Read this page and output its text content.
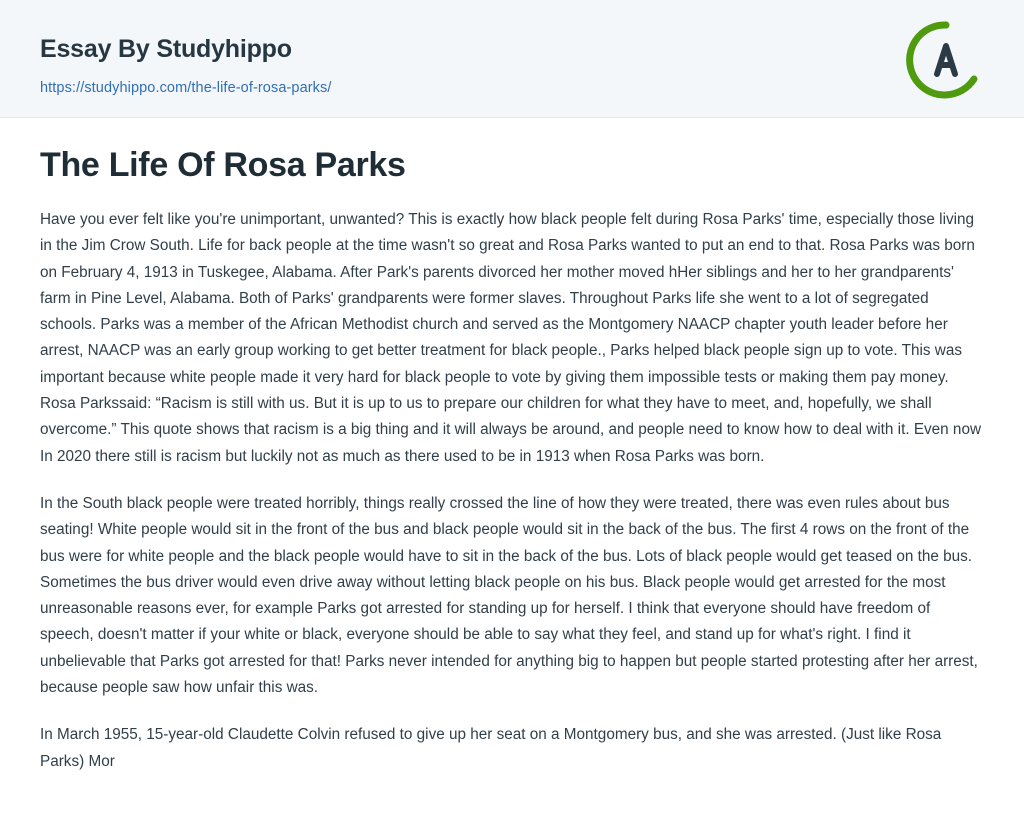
Essay By Studyhippo
https://studyhippo.com/the-life-of-rosa-parks/
The Life Of Rosa Parks

Have you ever felt like you're unimportant, unwanted? This is exactly how black people felt during Rosa Parks' time, especially those living in the Jim Crow South. Life for back people at the time wasn't so great and Rosa Parks wanted to put an end to that. Rosa Parks was born on February 4, 1913 in Tuskegee, Alabama. After Park's parents divorced her mother moved hHer siblings and her to her grandparents' farm in Pine Level, Alabama. Both of Parks' grandparents were former slaves. Throughout Parks life she went to a lot of segregated schools. Parks was a member of the African Methodist church and served as the Montgomery NAACP chapter youth leader before her arrest, NAACP was an early group working to get better treatment for black people., Parks helped black people sign up to vote. This was important because white people made it very hard for black people to vote by giving them impossible tests or making them pay money. Rosa Parkssaid: “Racism is still with us. But it is up to us to prepare our children for what they have to meet, and, hopefully, we shall overcome.” This quote shows that racism is a big thing and it will always be around, and people need to know how to deal with it. Even now In 2020 there still is racism but luckily not as much as there used to be in 1913 when Rosa Parks was born.

In the South black people were treated horribly, things really crossed the line of how they were treated, there was even rules about bus seating! White people would sit in the front of the bus and black people would sit in the back of the bus. The first 4 rows on the front of the bus were for white people and the black people would have to sit in the back of the bus. Lots of black people would get teased on the bus. Sometimes the bus driver would even drive away without letting black people on his bus. Black people would get arrested for the most unreasonable reasons ever, for example Parks got arrested for standing up for herself. I think that everyone should have freedom of speech, doesn't matter if your white or black, everyone should be able to say what they feel, and stand up for what's right. I find it unbelievable that Parks got arrested for that! Parks never intended for anything big to happen but people started protesting after her arrest, because people saw how unfair this was.

In March 1955, 15-year-old Claudette Colvin refused to give up her seat on a Montgomery bus, and she was arrested. (Just like Rosa Parks) Mor
